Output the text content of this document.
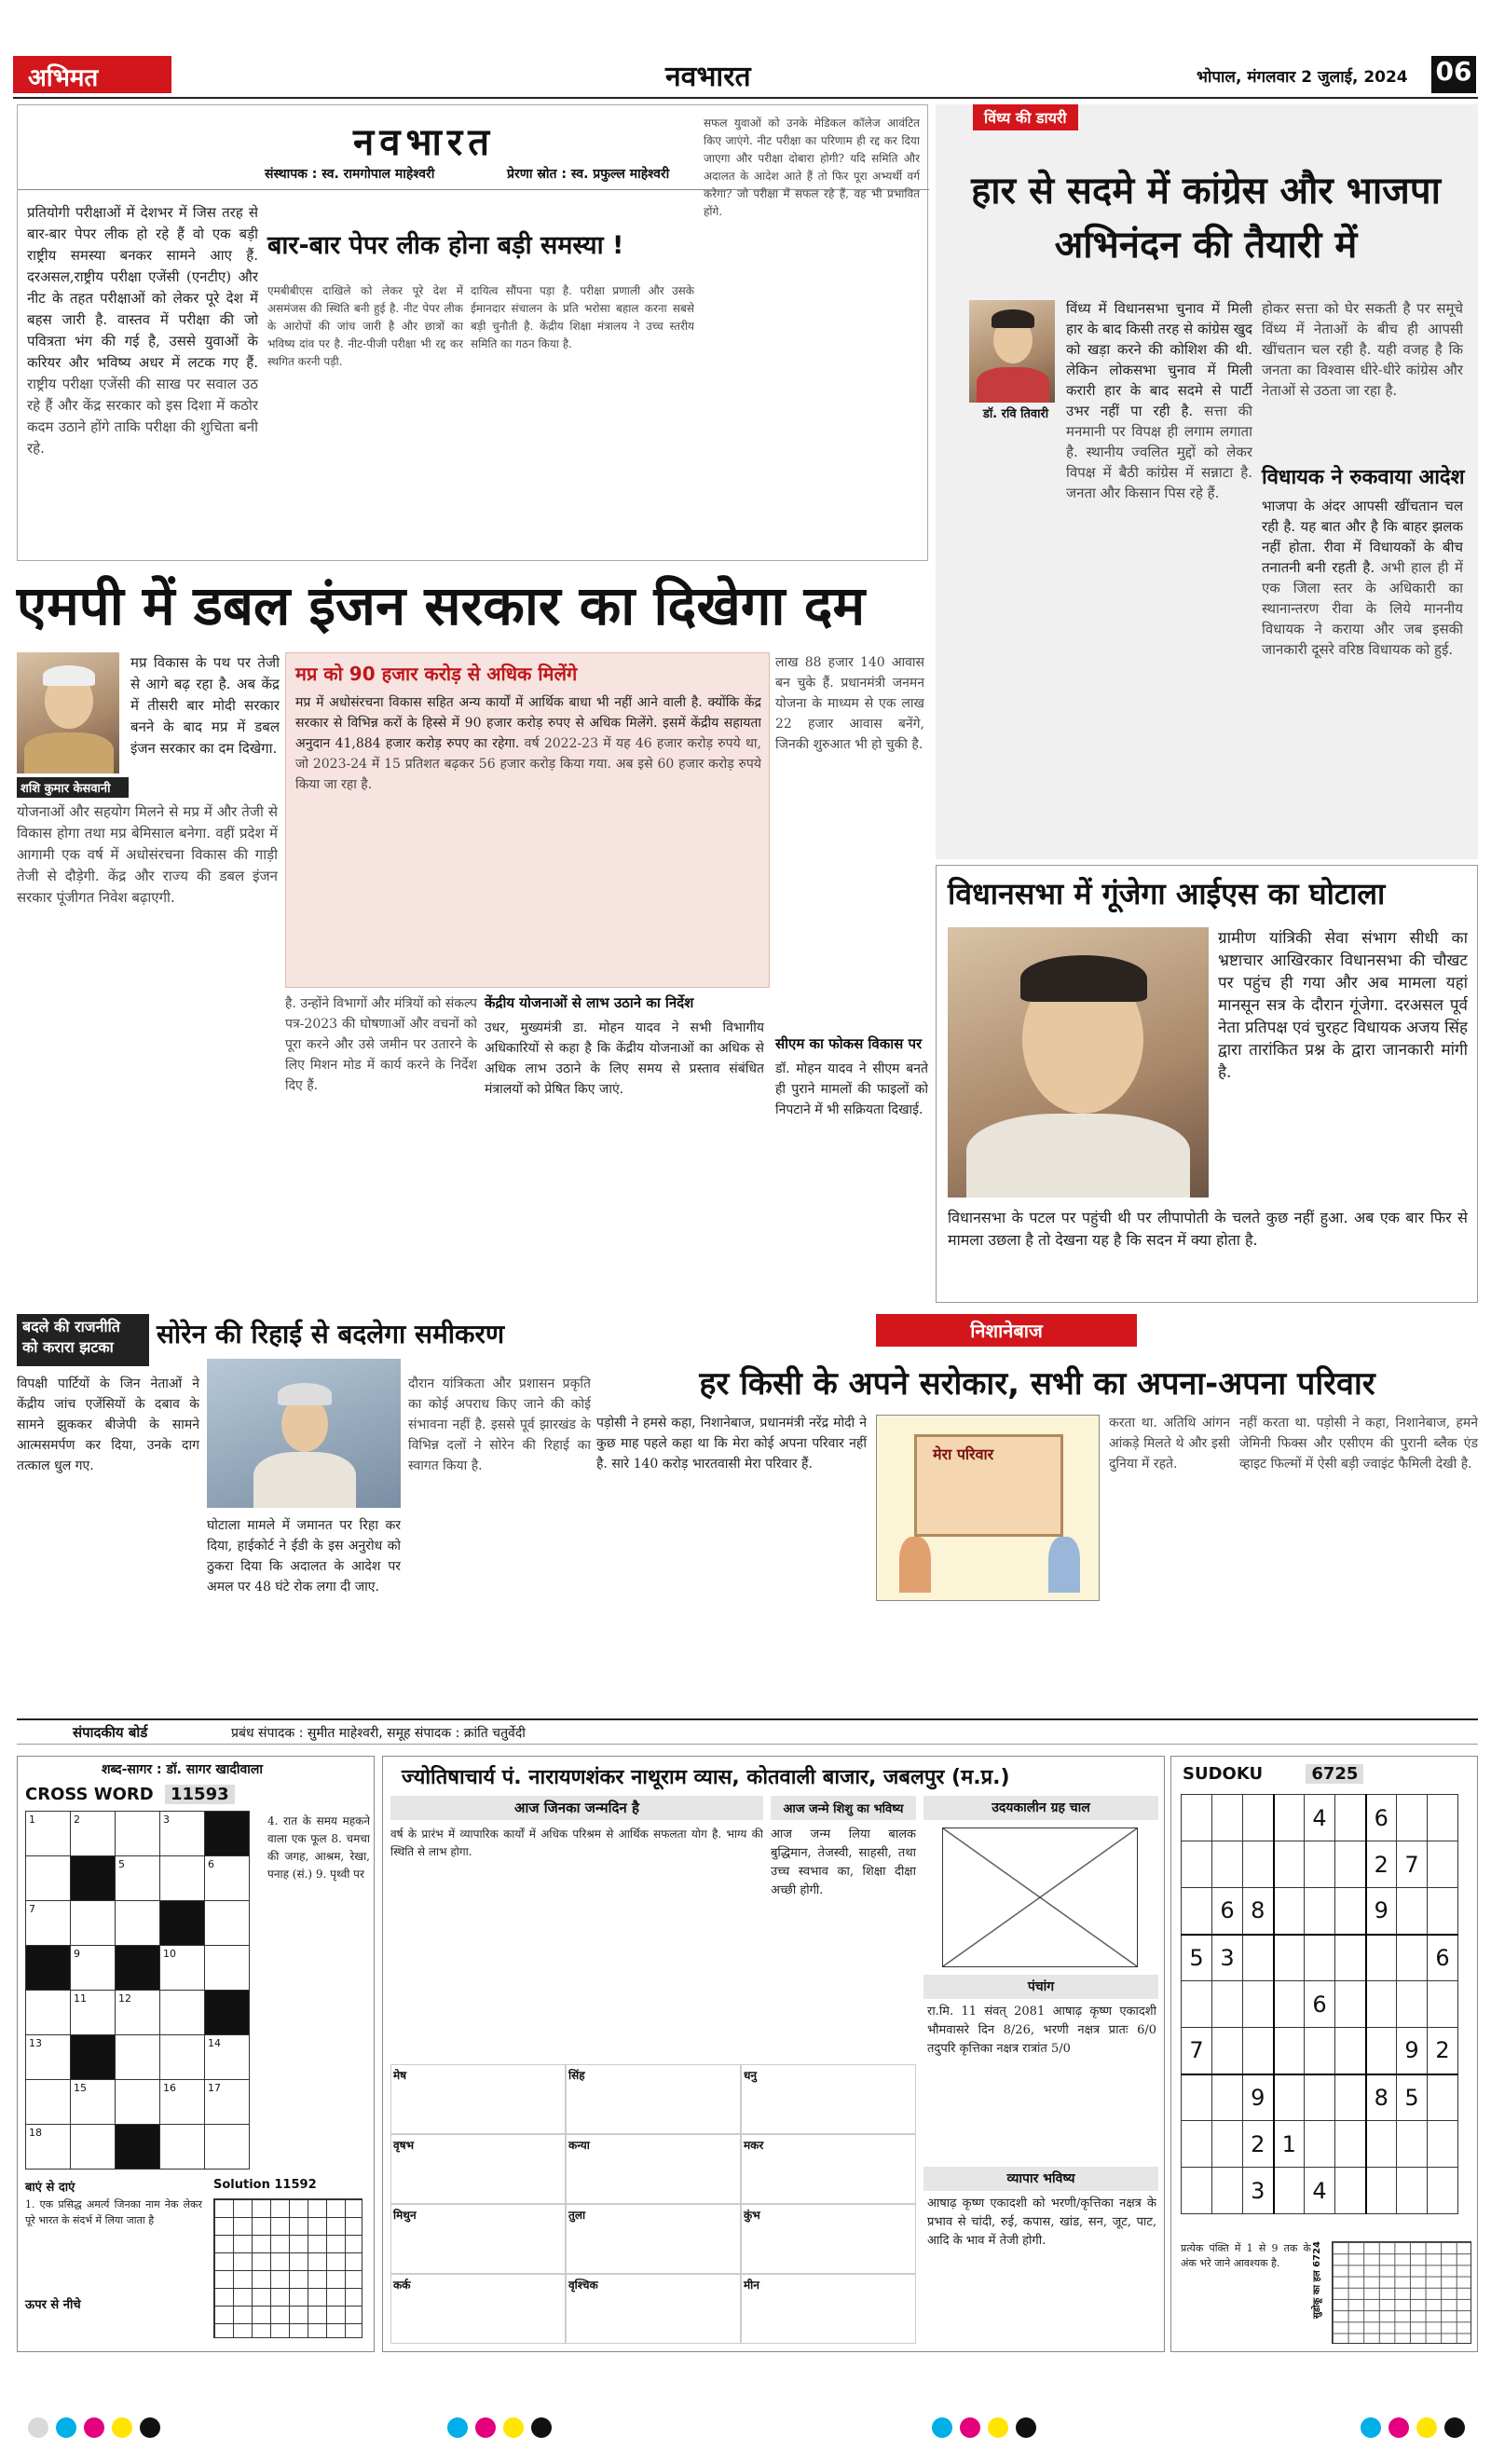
अभिमत	नवभारत	भोपाल, मंगलवार 2 जुलाई, 2024 06
नवभारत
संस्थापक : स्व. रामगोपाल माहेश्वरी	प्रेरणा स्रोत : स्व. प्रफुल्ल माहेश्वरी
प्रतियोगी परीक्षाओं में देशभर में जिस तरह से बार-बार पेपर लीक हो रहे हैं वो एक बड़ी राष्ट्रीय समस्या बनकर सामने आए हैं. दरअसल,राष्ट्रीय परीक्षा एजेंसी (एनटीए) और नीट के तहत परीक्षाओं को लेकर पूरे देश में बहस जारी है. वास्तव में परीक्षा की जो पवित्रता भंग की गई है, उससे युवाओं के करियर और भविष्य अधर में लटक गए हैं. राष्ट्रीय परीक्षा एजेंसी की साख पर सवाल उठ रहे हैं और केंद्र सरकार को इस दिशा में कठोर कदम उठाने होंगे ताकि परीक्षा की शुचिता बनी रहे.
बार-बार पेपर लीक होना बड़ी समस्या !
एमबीबीएस दाखिले को लेकर पूरे देश में असमंजस की स्थिति बनी हुई है. नीट पेपर लीक के आरोपों की जांच जारी है और छात्रों का भविष्य दांव पर है. नीट-पीजी परीक्षा भी रद्द कर स्थगित करनी पड़ी.
दायित्व सौंपना पड़ा है. परीक्षा प्रणाली और उसके ईमानदार संचालन के प्रति भरोसा बहाल करना सबसे बड़ी चुनौती है. केंद्रीय शिक्षा मंत्रालय ने उच्च स्तरीय समिति का गठन किया है.
सफल युवाओं को उनके मेडिकल कॉलेज आवंटित किए जाएंगे. नीट परीक्षा का परिणाम ही रद्द कर दिया जाएगा और परीक्षा दोबारा होगी? यदि समिति और अदालत के आदेश आते हैं तो फिर पूरा अभ्यर्थी वर्ग करेगा? जो परीक्षा में सफल रहे हैं, वह भी प्रभावित होंगे.
विंध्य की डायरी
हार से सदमे में कांग्रेस और भाजपा अभिनंदन की तैयारी में
डॉ. रवि तिवारी
विंध्य में विधानसभा चुनाव में मिली हार के बाद किसी तरह से कांग्रेस खुद को खड़ा करने की कोशिश की थी. लेकिन लोकसभा चुनाव में मिली करारी हार के बाद सदमे से पार्टी उभर नहीं पा रही है. सत्ता की मनमानी पर विपक्ष ही लगाम लगाता है. स्थानीय ज्वलित मुद्दों को लेकर विपक्ष में बैठी कांग्रेस में सन्नाटा है. जनता और किसान पिस रहे हैं.
होकर सत्ता को घेर सकती है पर समूचे विंध्य में नेताओं के बीच ही आपसी खींचतान चल रही है. यही वजह है कि जनता का विश्वास धीरे-धीरे कांग्रेस और नेताओं से उठता जा रहा है.
विधायक ने रुकवाया आदेश
भाजपा के अंदर आपसी खींचतान चल रही है. यह बात और है कि बाहर झलक नहीं होता. रीवा में विधायकों के बीच तनातनी बनी रहती है. अभी हाल ही में एक जिला स्तर के अधिकारी का स्थानान्तरण रीवा के लिये माननीय विधायक ने कराया और जब इसकी जानकारी दूसरे वरिष्ठ विधायक को हुई.
एमपी में डबल इंजन सरकार का दिखेगा दम
शशि कुमार केसवानी
मप्र विकास के पथ पर तेजी से आगे बढ़ रहा है. अब केंद्र में तीसरी बार मोदी सरकार बनने के बाद मप्र में डबल इंजन सरकार का दम दिखेगा.
योजनाओं और सहयोग मिलने से मप्र में और तेजी से विकास होगा तथा मप्र बेमिसाल बनेगा. वहीं प्रदेश में आगामी एक वर्ष में अधोसंरचना विकास की गाड़ी तेजी से दौड़ेगी. केंद्र और राज्य की डबल इंजन सरकार पूंजीगत निवेश बढ़ाएगी.
मप्र को 90 हजार करोड़ से अधिक मिलेंगे
मप्र में अधोसंरचना विकास सहित अन्य कार्यों में आर्थिक बाधा भी नहीं आने वाली है. क्योंकि केंद्र सरकार से विभिन्न करों के हिस्से में 90 हजार करोड़ रुपए से अधिक मिलेंगे. इसमें केंद्रीय सहायता अनुदान 41,884 हजार करोड़ रुपए का रहेगा. वर्ष 2022-23 में यह 46 हजार करोड़ रुपये था, जो 2023-24 में 15 प्रतिशत बढ़कर 56 हजार करोड़ किया गया. अब इसे 60 हजार करोड़ रुपये किया जा रहा है.
है. उन्होंने विभागों और मंत्रियों को संकल्प पत्र-2023 की घोषणाओं और वचनों को पूरा करने और उसे जमीन पर उतारने के लिए मिशन मोड में कार्य करने के निर्देश दिए हैं.
केंद्रीय योजनाओं से लाभ उठाने का निर्देश
उधर, मुख्यमंत्री डा. मोहन यादव ने सभी विभागीय अधिकारियों से कहा है कि केंद्रीय योजनाओं का अधिक से अधिक लाभ उठाने के लिए समय से प्रस्ताव संबंधित मंत्रालयों को प्रेषित किए जाएं.
लाख 88 हजार 140 आवास बन चुके हैं. प्रधानमंत्री जनमन योजना के माध्यम से एक लाख 22 हजार आवास बनेंगे, जिनकी शुरुआत भी हो चुकी है.
सीएम का फोकस विकास पर
डॉ. मोहन यादव ने सीएम बनते ही पुराने मामलों की फाइलों को निपटाने में भी सक्रियता दिखाई.
विधानसभा में गूंजेगा आईएस का घोटाला
ग्रामीण यांत्रिकी सेवा संभाग सीधी का भ्रष्टाचार आखिरकार विधानसभा की चौखट पर पहुंच ही गया और अब मामला यहां मानसून सत्र के दौरान गूंजेगा. दरअसल पूर्व नेता प्रतिपक्ष एवं चुरहट विधायक अजय सिंह द्वारा तारांकित प्रश्न के द्वारा जानकारी मांगी है.
विधानसभा के पटल पर पहुंची थी पर लीपापोती के चलते कुछ नहीं हुआ. अब एक बार फिर से मामला उछला है तो देखना यह है कि सदन में क्या होता है.
बदले की राजनीति
को करारा झटका	सोरेन की रिहाई से बदलेगा समीकरण
विपक्षी पार्टियों के जिन नेताओं ने केंद्रीय जांच एजेंसियों के दबाव के सामने झुककर बीजेपी के सामने आत्मसमर्पण कर दिया, उनके दाग तत्काल धुल गए.
घोटाला मामले में जमानत पर रिहा कर दिया, हाईकोर्ट ने ईडी के इस अनुरोध को ठुकरा दिया कि अदालत के आदेश पर अमल पर 48 घंटे रोक लगा दी जाए.
दौरान यांत्रिकता और प्रशासन प्रकृति का कोई अपराध किए जाने की कोई संभावना नहीं है. इससे पूर्व झारखंड के विभिन्न दलों ने सोरेन की रिहाई का स्वागत किया है.
निशानेबाज
हर किसी के अपने सरोकार, सभी का अपना-अपना परिवार
पड़ोसी ने हमसे कहा, निशानेबाज, प्रधानमंत्री नरेंद्र मोदी ने कुछ माह पहले कहा था कि मेरा कोई अपना परिवार नहीं है. सारे 140 करोड़ भारतवासी मेरा परिवार हैं.
मेरा परिवार
करता था. अतिथि आंगन आंकड़े मिलते थे और इसी दुनिया में रहते.
नहीं करता था. पड़ोसी ने कहा, निशानेबाज, हमने जेमिनी फिक्स और एसीएम की पुरानी ब्लैक एंड व्हाइट फिल्मों में ऐसी बड़ी ज्वाइंट फैमिली देखी है.
संपादकीय बोर्ड	प्रबंध संपादक : सुमीत माहेश्वरी, समूह संपादक : क्रांति चतुर्वेदी
शब्द-सागर : डॉ. सागर खादीवाला
CROSS WORD 11593
1	2		3	

		5		6

7				

	9		10	

	11	12		

13				14

	15		16	17

18				

4. रात के समय महकने वाला एक फूल 8. चमचा की जगह, आश्रम, रेखा, पनाह (सं.) 9. पृथ्वी पर
बाएं से दाएं
1. एक प्रसिद्ध अमर्त्य जिनका नाम नेक लेकर पूरे भारत के संदर्भ में लिया जाता है
ऊपर से नीचे
Solution 11592
ज्योतिषाचार्य पं. नारायणशंकर नाथूराम व्यास, कोतवाली बाजार, जबलपुर (म.प्र.)
आज जिनका जन्मदिन है
वर्ष के प्रारंभ में व्यापारिक कार्यों में अधिक परिश्रम से आर्थिक सफलता योग है. भाग्य की स्थिति से लाभ होगा.
आज जन्मे शिशु का भविष्य
आज जन्म लिया बालक बुद्धिमान, तेजस्वी, साहसी, तथा उच्च स्वभाव का, शिक्षा दीक्षा अच्छी होगी.
उदयकालीन ग्रह चाल
पंचांग
रा.मि. 11 संवत् 2081 आषाढ़ कृष्ण एकादशी भौमवासरे दिन 8/26, भरणी नक्षत्र प्रातः 6/0 तदुपरि कृत्तिका नक्षत्र रात्रांत 5/0
व्यापार भविष्य
आषाढ़ कृष्ण एकादशी को भरणी/कृत्तिका नक्षत्र के प्रभाव से चांदी, रुई, कपास, खांड, सन, जूट, पाट, आदि के भाव में तेजी होगी.
मेष	सिंह	धनु
वृषभ	कन्या	मकर
मिथुन	तुला	कुंभ
कर्क	वृश्चिक	मीन
SUDOKU	6725
				4		6		
						2	7	
	6	8				9		
5	3							6
				6				
7							9	2
		9				8	5	
		2	1					
		3		4				
प्रत्येक पंक्ति में 1 से 9 तक के अंक भरे जाने आवश्यक है.	सुडोकू का हल 6724
